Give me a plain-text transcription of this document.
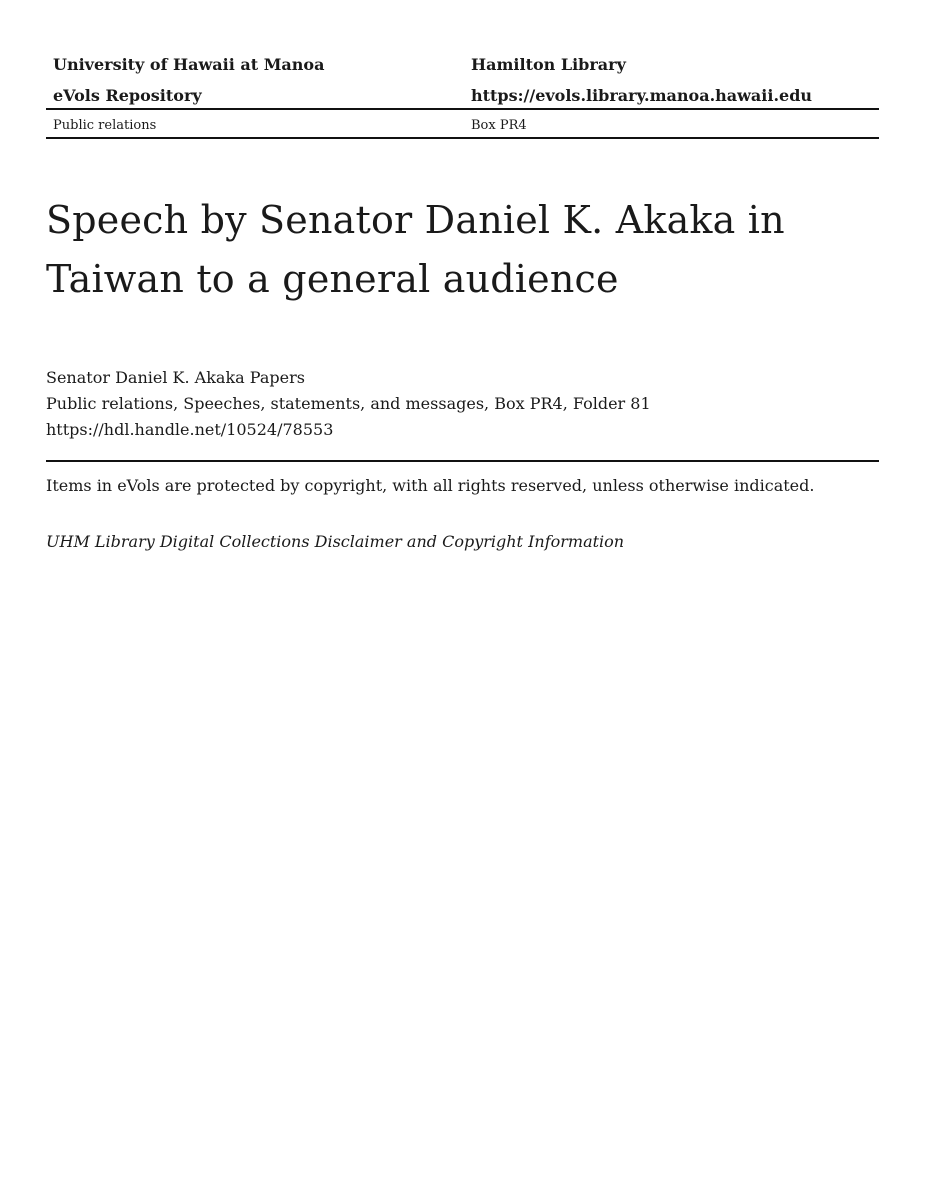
University of Hawaii at Manoa
eVols Repository
Hamilton Library
https://evols.library.manoa.hawaii.edu
Public relations	Box PR4
Speech by Senator Daniel K. Akaka in Taiwan to a general audience
Senator Daniel K. Akaka Papers
Public relations, Speeches, statements, and messages, Box PR4, Folder 81
https://hdl.handle.net/10524/78553
Items in eVols are protected by copyright, with all rights reserved, unless otherwise indicated.
UHM Library Digital Collections Disclaimer and Copyright Information
